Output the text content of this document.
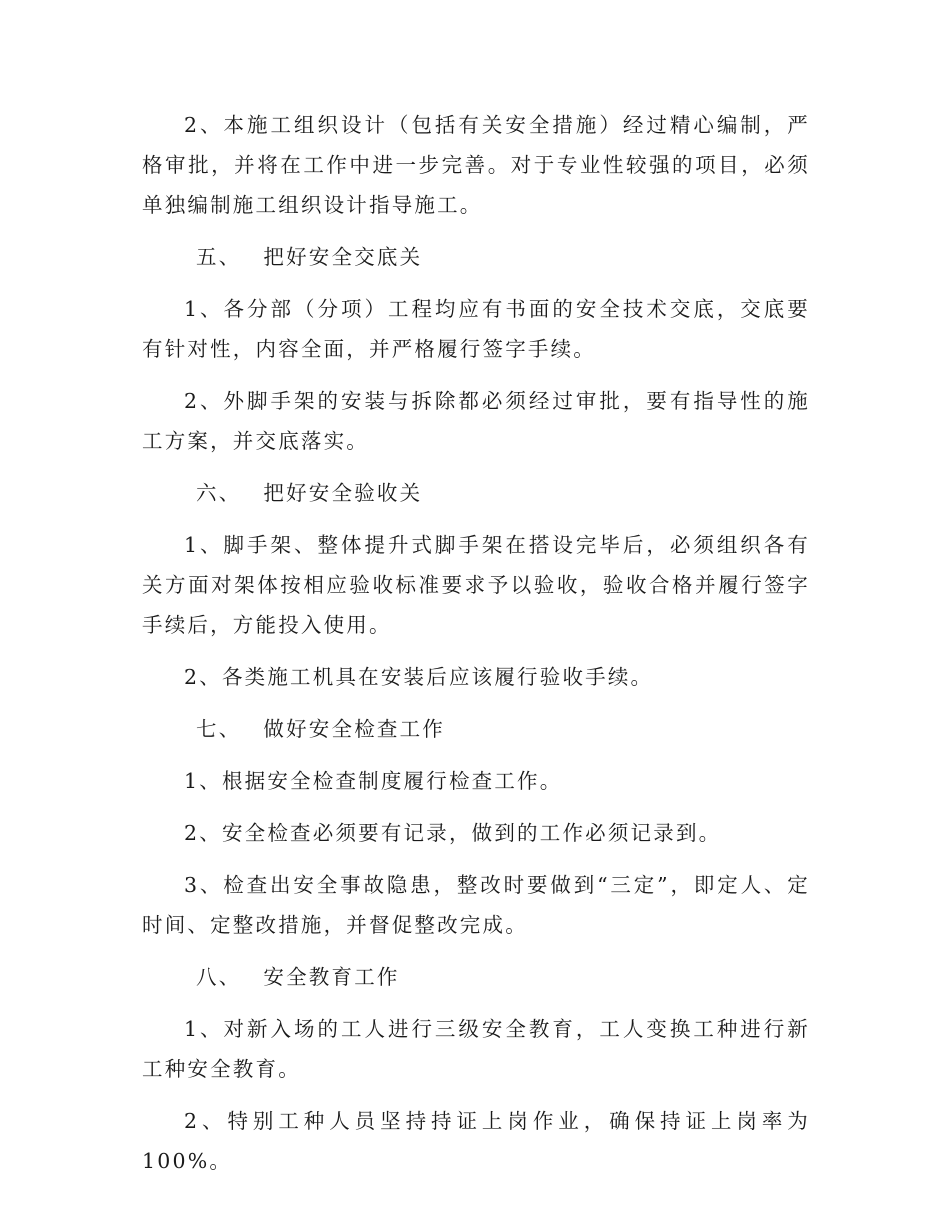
2、本施工组织设计（包括有关安全措施）经过精心编制，严格审批，并将在工作中进一步完善。对于专业性较强的项目，必须单独编制施工组织设计指导施工。

五、 把好安全交底关

1、各分部（分项）工程均应有书面的安全技术交底，交底要有针对性，内容全面，并严格履行签字手续。

2、外脚手架的安装与拆除都必须经过审批，要有指导性的施工方案，并交底落实。

六、 把好安全验收关

1、脚手架、整体提升式脚手架在搭设完毕后，必须组织各有关方面对架体按相应验收标准要求予以验收，验收合格并履行签字手续后，方能投入使用。

2、各类施工机具在安装后应该履行验收手续。

七、 做好安全检查工作

1、根据安全检查制度履行检查工作。

2、安全检查必须要有记录，做到的工作必须记录到。

3、检查出安全事故隐患，整改时要做到“三定”，即定人、定时间、定整改措施，并督促整改完成。

八、 安全教育工作

1、对新入场的工人进行三级安全教育，工人变换工种进行新工种安全教育。

2、特别工种人员坚持持证上岗作业，确保持证上岗率为100%。
